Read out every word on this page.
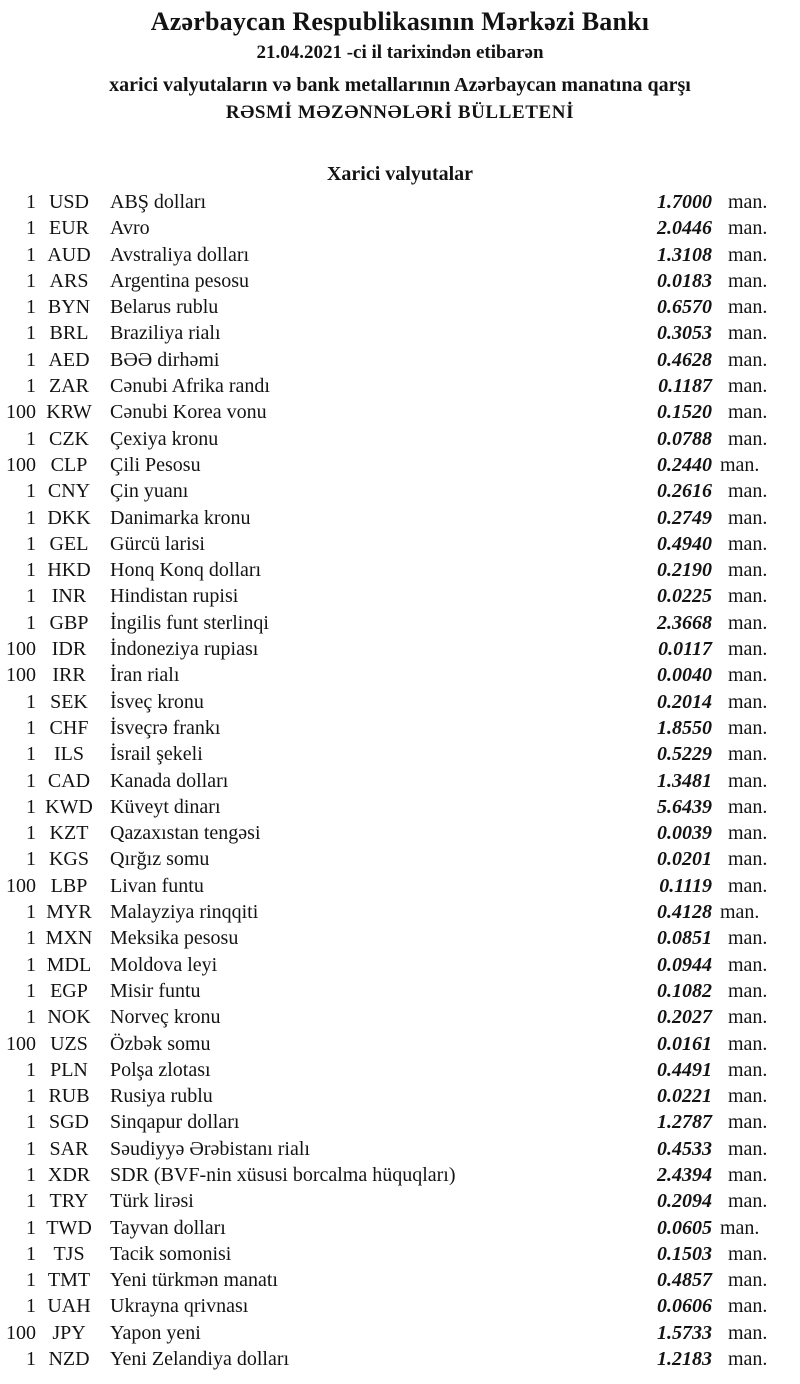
Azərbaycan Respublikasının Mərkəzi Bankı
21.04.2021 -ci il tarixindən etibarən
xarici valyutaların və bank metallarının Azərbaycan manatına qarşı
RƏSMİ MƏZƏNNƏLƏRİ BÜLLETENİ
Xarici valyutalar
1 USD	ABŞ dolları	1.7000 man.
1 EUR	Avro	2.0446 man.
1 AUD Avstraliya dolları	1.3108 man.
1 ARS	Argentina pesosu	0.0183 man.
1 BYN Belarus rublu	0.6570 man.
1 BRL	Braziliya rialı	0.3053 man.
1 AED	BƏƏ dirhəmi	0.4628 man.
1 ZAR	Cənubi Afrika randı	0.1187 man.
100 KRW Cənubi Korea vonu	0.1520 man.
1 CZK	Çexiya kronu	0.0788 man.
100 CLP	Çili Pesosu	0.2440 man.
1 CNY Çin yuanı	0.2616 man.
1 DKK Danimarka kronu	0.2749 man.
1 GEL	Gürcü larisi	0.4940 man.
1 HKD Honq Konq dolları	0.2190 man.
1 INR	Hindistan rupisi	0.0225 man.
1 GBP	İngilis funt sterlinqi	2.3668 man.
100 IDR	İndoneziya rupiası	0.0117 man.
100 IRR	İran rialı	0.0040 man.
1 SEK	İsveç kronu	0.2014 man.
1 CHF	İsveçrə frankı	1.8550 man.
1 ILS	İsrail şekeli	0.5229 man.
1 CAD Kanada dolları	1.3481 man.
1 KWD Küveyt dinarı	5.6439 man.
1 KZT	Qazaxıstan tengəsi	0.0039 man.
1 KGS	Qırğız somu	0.0201 man.
100 LBP	Livan funtu	0.1119 man.
1 MYR Malayziya rinqqiti	0.4128 man.
1 MXN Meksika pesosu	0.0851 man.
1 MDL Moldova leyi	0.0944 man.
1 EGP	Misir funtu	0.1082 man.
1 NOK Norveç kronu	0.2027 man.
100 UZS	Özbək somu	0.0161 man.
1 PLN	Polşa zlotası	0.4491 man.
1 RUB	Rusiya rublu	0.0221 man.
1 SGD	Sinqapur dolları	1.2787 man.
1 SAR	Səudiyyə Ərəbistanı rialı	0.4533 man.
1 XDR SDR (BVF-nin xüsusi borcalma hüquqları)	2.4394 man.
1 TRY	Türk lirəsi	0.2094 man.
1 TWD Tayvan dolları	0.0605 man.
1 TJS	Tacik somonisi	0.1503 man.
1 TMT Yeni türkmən manatı	0.4857 man.
1 UAH Ukrayna qrivnası	0.0606 man.
100 JPY	Yapon yeni	1.5733 man.
1 NZD	Yeni Zelandiya dolları	1.2183 man.
